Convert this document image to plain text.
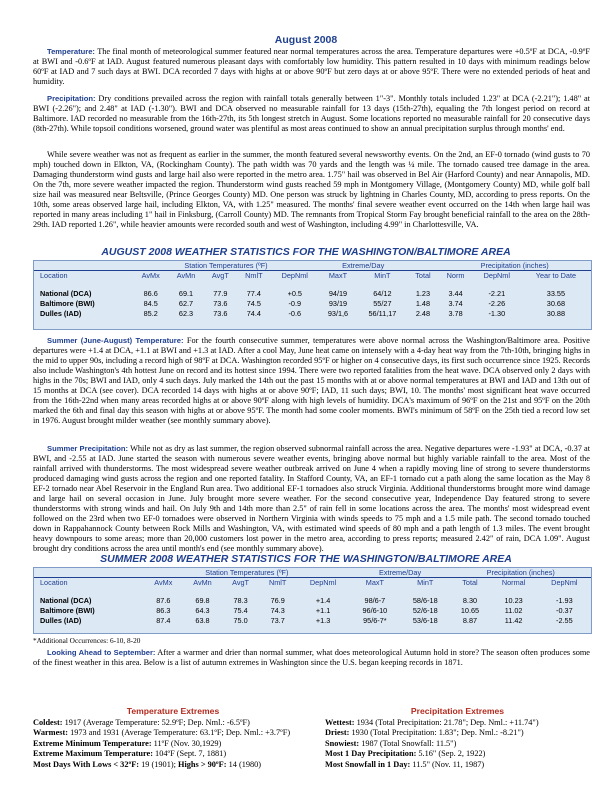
August 2008

Temperature: The final month of meteorological summer featured near normal temperatures across the area. Temperature departures were +0.5ºF at DCA, -0.9ºF at BWI and -0.6ºF at IAD. August featured numerous pleasant days with comfortably low humidity. This pattern resulted in 10 days with minimum readings below 60ºF at IAD and 7 such days at BWI. DCA recorded 7 days with highs at or above 90ºF but zero days at or above 95ºF. There were no extended periods of heat and humidity.

Precipitation: Dry conditions prevailed across the region with rainfall totals generally between 1"-3". Monthly totals included 1.23" at DCA (-2.21"); 1.48" at BWI (-2.26"); and 2.48" at IAD (-1.30"). BWI and DCA observed no measurable rainfall for 13 days (15th-27th), equaling the 7th longest period on record at Baltimore. IAD recorded no measurable from the 16th-27th, its 5th longest stretch in August. Some locations reported no measurable rainfall for 20 consecutive days (8th-27th). While topsoil conditions worsened, ground water was plentiful as most areas continued to show an annual precipitation surplus through months' end.

While severe weather was not as frequent as earlier in the summer, the month featured several newsworthy events. On the 2nd, an EF-0 tornado (wind gusts to 70 mph) touched down in Elkton, VA, (Rockingham County). The path width was 70 yards and the length was ¼ mile. The tornado caused tree damage in the area. Damaging thunderstorm wind gusts and large hail also were reported in the metro area. 1.75" hail was observed in Bel Air (Harford County) and near Annapolis, MD. On the 7th, more severe weather impacted the region. Thunderstorm wind gusts reached 59 mph in Montgomery Village, (Montgomery County) MD, while golf ball size hail was measured near Beltsville, (Prince Georges County) MD. One person was struck by lightning in Charles County, MD, according to press reports. On the 10th, some areas observed large hail, including Elkton, VA, with 1.25" measured. The months' final severe weather event occurred on the 14th when large hail was reported in many areas including 1" hail in Finksburg, (Carroll County) MD. The remnants from Tropical Storm Fay brought beneficial rainfall to the area on the 28th-29th. IAD reported 1.26", while heavier amounts were recorded south and west of Washington, including 4.99" in Charlottesville, VA.

AUGUST 2008 WEATHER STATISTICS FOR THE WASHINGTON/BALTIMORE AREA
	Station Temperatures (ºF)					Extreme/Day			Precipitation (inches)		
Location	AvMx	AvMn	AvgT	NmlT	DepNml	MaxT	MinT	Total	Norm	DepNml	Year to Date

National (DCA)	86.6	69.1	77.9	77.4	+0.5	94/19	64/12	1.23	3.44	-2.21	33.55
Baltimore (BWI)	84.5	62.7	73.6	74.5	-0.9	93/19	55/27	1.48	3.74	-2.26	30.68
Dulles (IAD)	85.2	62.3	73.6	74.4	-0.6	93/1,6	56/11,17	2.48	3.78	-1.30	30.88

Summer (June-August) Temperature: For the fourth consecutive summer, temperatures were above normal across the Washington/Baltimore area. Positive departures were +1.4 at DCA, +1.1 at BWI and +1.3 at IAD. After a cool May, June heat came on intensely with a 4-day heat way from the 7th-10th, bringing highs in the mid to upper 90s, including a record high of 98ºF at DCA. Washington recorded 95ºF or higher on 4 consecutive days, its first such occurrence since 1925. Records also include Washington's 4th hottest June on record and its hottest since 1994. There were two reported fatalities from the heat wave. DCA observed only 2 days with highs in the 70s; BWI and IAD, only 4 such days. July marked the 14th out the past 15 months with at or above normal temperatures at BWI and IAD and 13th out of 15 months at DCA (see cover). DCA recorded 14 days with highs at or above 90ºF; IAD, 11 such days; BWI, 10. The months' most significant heat wave occurred from the 16th-22nd when many areas recorded highs at or above 90ºF along with high levels of humidity. DCA's maximum of 96ºF on the 21st and 95ºF on the 20th marked the 6th and final day this season with highs at or above 95ºF. The month had some cooler moments. BWI's minimum of 58ºF on the 25th tied a record low set in 1976. August brought milder weather (see monthly summary above).

Summer Precipitation: While not as dry as last summer, the region observed subnormal rainfall across the area. Negative departures were -1.93" at DCA, -0.37 at BWI, and -2.55 at IAD. June started the season with numerous severe weather events, bringing above normal but highly variable rainfall to the area. Most of the rainfall arrived with thunderstorms. The most widespread severe weather outbreak arrived on June 4 when a rapidly moving line of strong to severe thunderstorms produced damaging wind gusts across the region and one reported fatality. In Stafford County, VA, an EF-1 tornado cut a path along the same location as the May 8 EF-2 tornado near Abel Reservoir in the England Run area. Two additional EF-1 tornadoes also struck Virginia. Additional thunderstorms brought more wind damage and large hail on several occasion in June. July brought more severe weather. For the second consecutive year, Independence Day featured strong to severe thunderstorms with strong winds and hail. On July 9th and 14th more than 2.5" of rain fell in some locations across the area. The months' most widespread event followed on the 23rd when two EF-0 tornadoes were observed in Northern Virginia with winds speeds to 75 mph and a 1.5 mile path. The second tornado touched down in Rappahannock County between Rock Mills and Washington, VA, with estimated wind speeds of 80 mph and a path length of 1.3 miles. The event brought heavy downpours to some areas; more than 20,000 customers lost power in the metro area, according to press reports; measured 2.42" of rain, DCA 1.09". August brought dry conditions across the area until month's end (see monthly summary above).

SUMMER 2008 WEATHER STATISTICS FOR THE WASHINGTON/BALTIMORE AREA
	Station Temperatures (ºF)					Extreme/Day		Precipitation (inches)		
Location	AvMx	AvMn	AvgT	NmlT	DepNml	MaxT	MinT	Total	Normal	DepNml

National (DCA)	87.6	69.8	78.3	76.9	+1.4	98/6-7	58/6-18	8.30	10.23	-1.93
Baltimore (BWI)	86.3	64.3	75.4	74.3	+1.1	96/6-10	52/6-18	10.65	11.02	-0.37
Dulles (IAD)	87.4	63.8	75.0	73.7	+1.3	95/6-7*	53/6-18	8.87	11.42	-2.55
*Additional Occurrences: 6-10, 8-20

Looking Ahead to September: After a warmer and drier than normal summer, what does meteorological Autumn hold in store? The season often produces some of the finest weather in this area. Below is a list of autumn extremes in Washington since the U.S. began keeping records in 1871.

Temperature Extremes
Coldest: 1917 (Average Temperature: 52.9ºF; Dep. Nml.: -6.5ºF)
Warmest: 1973 and 1931 (Average Temperature: 63.1ºF; Dep. Nml.: +3.7ºF)
Extreme Minimum Temperature: 11ºF (Nov. 30,1929)
Extreme Maximum Temperature: 104ºF (Sept. 7, 1881)
Most Days With Lows < 32ºF: 19 (1901); Highs > 90ºF: 14 (1980)
Precipitation Extremes
Wettest: 1934 (Total Precipitation: 21.78"; Dep. Nml.: +11.74")
Driest: 1930 (Total Precipitation: 1.83"; Dep. Nml.: -8.21")
Snowiest: 1987 (Total Snowfall: 11.5")
Most 1 Day Precipitation: 5.16" (Sep. 2, 1922)
Most Snowfall in 1 Day: 11.5" (Nov. 11, 1987)
